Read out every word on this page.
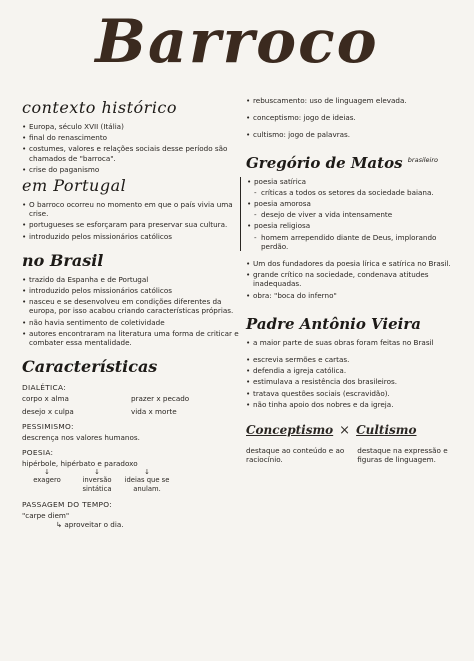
Barroco
contexto histórico
• Europa, século XVII (Itália)
• final do renascimento
• costumes, valores e relações sociais desse período são chamados de "barroca".
• crise do paganismo
em Portugal
• O barroco ocorreu no momento em que o país vivia uma crise.
• portugueses se esforçaram para preservar sua cultura.
• introduzido pelos missionários católicos
no Brasil
• trazido da Espanha e de Portugal
• introduzido pelos missionários católicos
• nasceu e se desenvolveu em condições diferentes da europa, por isso acabou criando características próprias.
• não havia sentimento de coletividade
• autores encontraram na literatura uma forma de criticar e combater essa mentalidade.
Características
DIALÉTICA:
corpo x alma	prazer x pecado
desejo x culpa	vida x morte
PESSIMISMO:
descrença nos valores humanos.
POESIA:
hipérbole, hipérbato e paradoxo
↓
exagero
↓
inversão sintática
↓
ideias que se anulam.
PASSAGEM DO TEMPO:
"carpe diem"
↳ aproveitar o dia.
• rebuscamento: uso de linguagem elevada.
• conceptismo: jogo de ideias.
• cultismo: jogo de palavras.
Gregório de Matos $^{brasileiro}$
• poesia satírica
- críticas a todos os setores da sociedade baiana.
• poesia amorosa
- desejo de viver a vida intensamente
• poesia religiosa
- homem arrependido diante de Deus, implorando perdão.
• Um dos fundadores da poesia lírica e satírica no Brasil.
• grande crítico na sociedade, condenava atitudes inadequadas.
• obra: "boca do inferno"
Padre Antônio Vieira
• a maior parte de suas obras foram feitas no Brasil
• escrevia sermões e cartas.
• defendia a igreja católica.
• estimulava a resistência dos brasileiros.
• tratava questões sociais (escravidão).
• não tinha apoio dos nobres e da igreja.
Conceptismo × Cultismo
destaque ao conteúdo e ao raciocínio.
destaque na expressão e figuras de linguagem.
